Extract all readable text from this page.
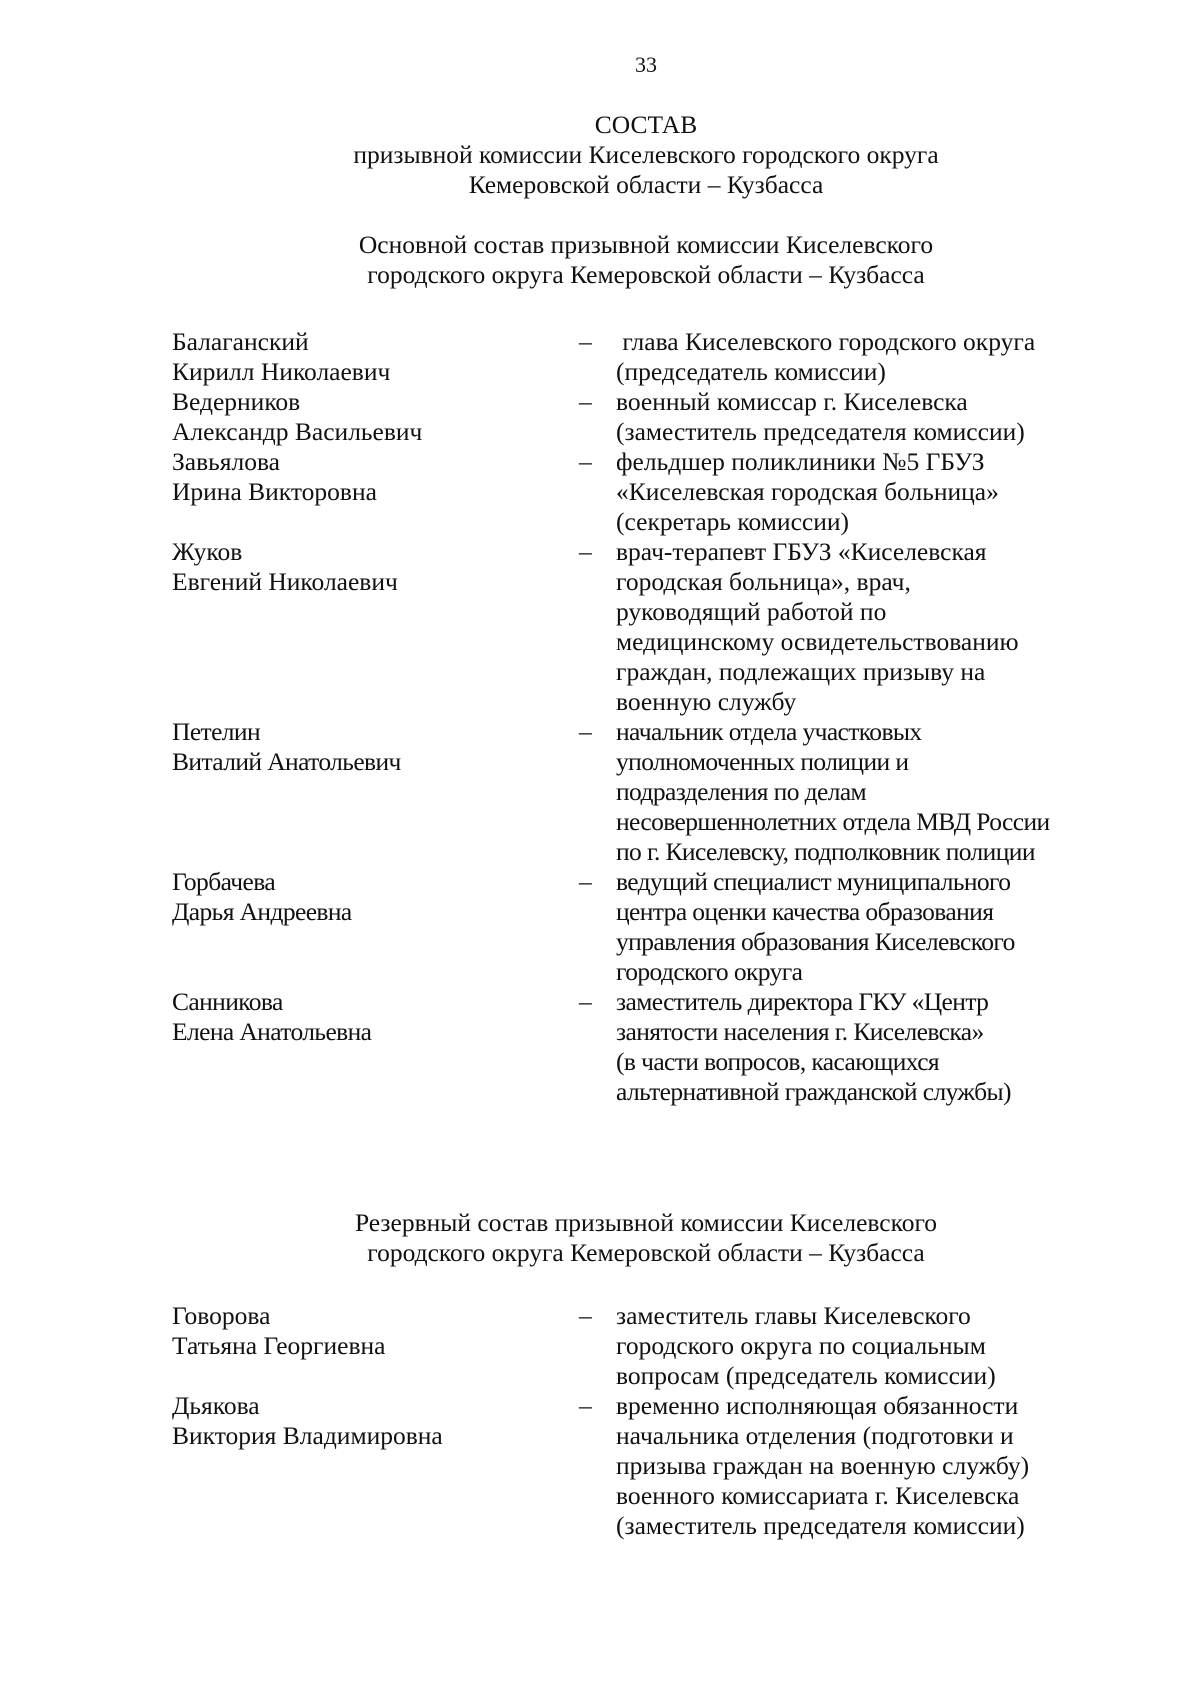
33
СОСТАВ
призывной комиссии Киселевского городского округа
Кемеровской области – Кузбасса
Основной состав призывной комиссии Киселевского
городского округа Кемеровской области – Кузбасса
Балаганский
Кирилл Николаевич
– глава Киселевского городского округа
(председатель комиссии)
Ведерников
Александр Васильевич
– военный комиссар г. Киселевска
(заместитель председателя комиссии)
Завьялова
Ирина Викторовна
– фельдшер поликлиники №5 ГБУЗ
«Киселевская городская больница»
(секретарь комиссии)
Жуков
Евгений Николаевич
– врач-терапевт ГБУЗ «Киселевская
городская больница», врач,
руководящий работой по
медицинскому освидетельствованию
граждан, подлежащих призыву на
военную службу
Петелин
Виталий Анатольевич
– начальник отдела участковых
уполномоченных полиции и
подразделения по делам
несовершеннолетних отдела МВД России
по г. Киселевску, подполковник полиции
Горбачева
Дарья Андреевна
– ведущий специалист муниципального
центра оценки качества образования
управления образования Киселевского
городского округа
Санникова
Елена Анатольевна
– заместитель директора ГКУ «Центр
занятости населения г. Киселевска»
(в части вопросов, касающихся
альтернативной гражданской службы)
Резервный состав призывной комиссии Киселевского
городского округа Кемеровской области – Кузбасса
Говорова
Татьяна Георгиевна
– заместитель главы Киселевского
городского округа по социальным
вопросам (председатель комиссии)
Дьякова
Виктория Владимировна
– временно исполняющая обязанности
начальника отделения (подготовки и
призыва граждан на военную службу)
военного комиссариата г. Киселевска
(заместитель председателя комиссии)
